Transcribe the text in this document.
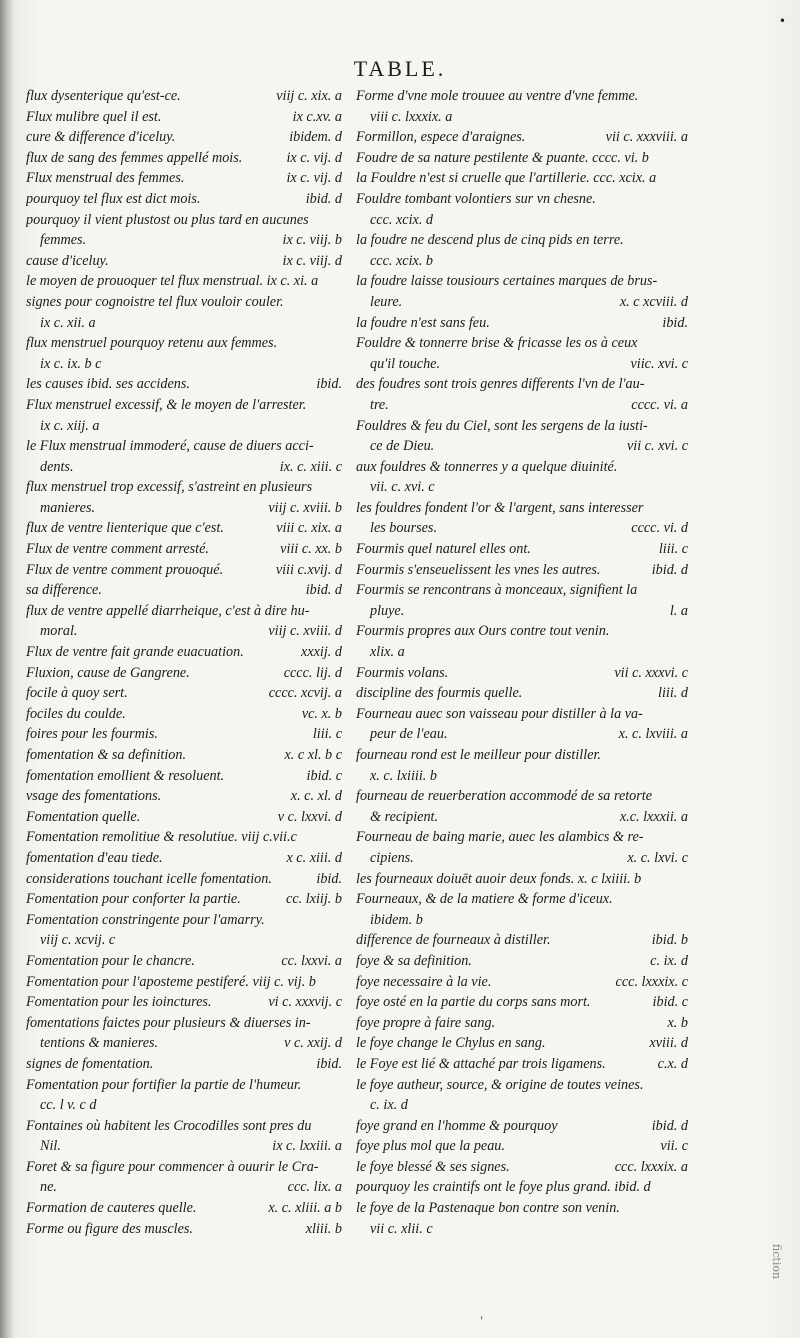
•
TABLE.
flux dysenterique qu'est-ce.	viij c. xix. a
Flux mulibre quel il est.	ix c.xv. a
cure & difference d'iceluy.	ibidem. d
flux de sang des femmes appellé mois.	ix c. vij. d
Flux menstrual des femmes.	ix c. vij. d
pourquoy tel flux est dict mois.	ibid. d
pourquoy il vient plustost ou plus tard en aucunes
femmes.	ix c. viij. b
cause d'iceluy.	ix c. viij. d
le moyen de prouoquer tel flux menstrual. ix c. xi. a
signes pour cognoistre tel flux vouloir couler.
ix c. xii. a
flux menstruel pourquoy retenu aux femmes.
ix c. ix. b c
les causes ibid. ses accidens.	ibid.
Flux menstruel excessif, & le moyen de l'arrester.
ix c. xiij. a
le Flux menstrual immoderé, cause de diuers acci-
dents.	ix. c. xiii. c
flux menstruel trop excessif, s'astreint en plusieurs
manieres.	viij c. xviii. b
flux de ventre lienterique que c'est.	viii c. xix. a
Flux de ventre comment arresté.	viii c. xx. b
Flux de ventre comment prouoqué.	viii c.xvij. d
sa difference.	ibid. d
flux de ventre appellé diarrheique, c'est à dire hu-
moral.	viij c. xviii. d
Flux de ventre fait grande euacuation.	xxxij. d
Fluxion, cause de Gangrene.	cccc. lij. d
focile à quoy sert.	cccc. xcvij. a
fociles du coulde.	vc. x. b
foires pour les fourmis.	liii. c
fomentation & sa definition.	x. c xl. b c
fomentation emollient & resoluent.	ibid. c
vsage des fomentations.	x. c. xl. d
Fomentation quelle.	v c. lxxvi. d
Fomentation remolitiue & resolutiue. viij c.vii.c
fomentation d'eau tiede.	x c. xiii. d
considerations touchant icelle fomentation.	ibid.
Fomentation pour conforter la partie.	cc. lxiij. b
Fomentation constringente pour l'amarry.
viij c. xcvij. c
Fomentation pour le chancre.	cc. lxxvi. a
Fomentation pour l'aposteme pestiferé. viij c. vij. b
Fomentation pour les ioinctures.	vi c. xxxvij. c
fomentations faictes pour plusieurs & diuerses in-
tentions & manieres.	v c. xxij. d
signes de fomentation.	ibid.
Fomentation pour fortifier la partie de l'humeur.
cc. l v. c d
Fontaines où habitent les Crocodilles sont pres du
Nil.	ix c. lxxiii. a
Foret & sa figure pour commencer à ouurir le Cra-
ne.	ccc. lix. a
Formation de cauteres quelle.	x. c. xliii. a b
Forme ou figure des muscles.	xliii. b
Forme d'vne mole trouuee au ventre d'vne femme.
viii c. lxxxix. a
Formillon, espece d'araignes.	vii c. xxxviii. a
Foudre de sa nature pestilente & puante. cccc. vi. b
la Fouldre n'est si cruelle que l'artillerie. ccc. xcix. a
Fouldre tombant volontiers sur vn chesne.
ccc. xcix. d
la foudre ne descend plus de cinq pids en terre.
ccc. xcix. b
la foudre laisse tousiours certaines marques de brus-
leure.	x. c xcviii. d
la foudre n'est sans feu.	ibid.
Fouldre & tonnerre brise & fricasse les os à ceux
qu'il touche.	viic. xvi. c
des foudres sont trois genres differents l'vn de l'au-
tre.	cccc. vi. a
Fouldres & feu du Ciel, sont les sergens de la iusti-
ce de Dieu.	vii c. xvi. c
aux fouldres & tonnerres y a quelque diuinité.
vii. c. xvi. c
les fouldres fondent l'or & l'argent, sans interesser
les bourses.	cccc. vi. d
Fourmis quel naturel elles ont.	liii. c
Fourmis s'enseuelissent les vnes les autres.	ibid. d
Fourmis se rencontrans à monceaux, signifient la
pluye.	l. a
Fourmis propres aux Ours contre tout venin.
xlix. a
Fourmis volans.	vii c. xxxvi. c
discipline des fourmis quelle.	liii. d
Fourneau auec son vaisseau pour distiller à la va-
peur de l'eau.	x. c. lxviii. a
fourneau rond est le meilleur pour distiller.
x. c. lxiiii. b
fourneau de reuerberation accommodé de sa retorte
& recipient.	x.c. lxxxii. a
Fourneau de baing marie, auec les alambics & re-
cipiens.	x. c. lxvi. c
les fourneaux doiuēt auoir deux fonds. x. c lxiiii. b
Fourneaux, & de la matiere & forme d'iceux.
ibidem. b
difference de fourneaux à distiller.	ibid. b
foye & sa definition.	c. ix. d
foye necessaire à la vie.	ccc. lxxxix. c
foye osté en la partie du corps sans mort.	ibid. c
foye propre à faire sang.	x. b
le foye change le Chylus en sang.	xviii. d
le Foye est lié & attaché par trois ligamens.	c.x. d
le foye autheur, source, & origine de toutes veines.
c. ix. d
foye grand en l'homme & pourquoy	ibid. d
foye plus mol que la peau.	vii. c
le foye blessé & ses signes.	ccc. lxxxix. a
pourquoy les craintifs ont le foye plus grand. ibid. d
le foye de la Pastenaque bon contre son venin.
vii c. xlii. c
fiction
'
